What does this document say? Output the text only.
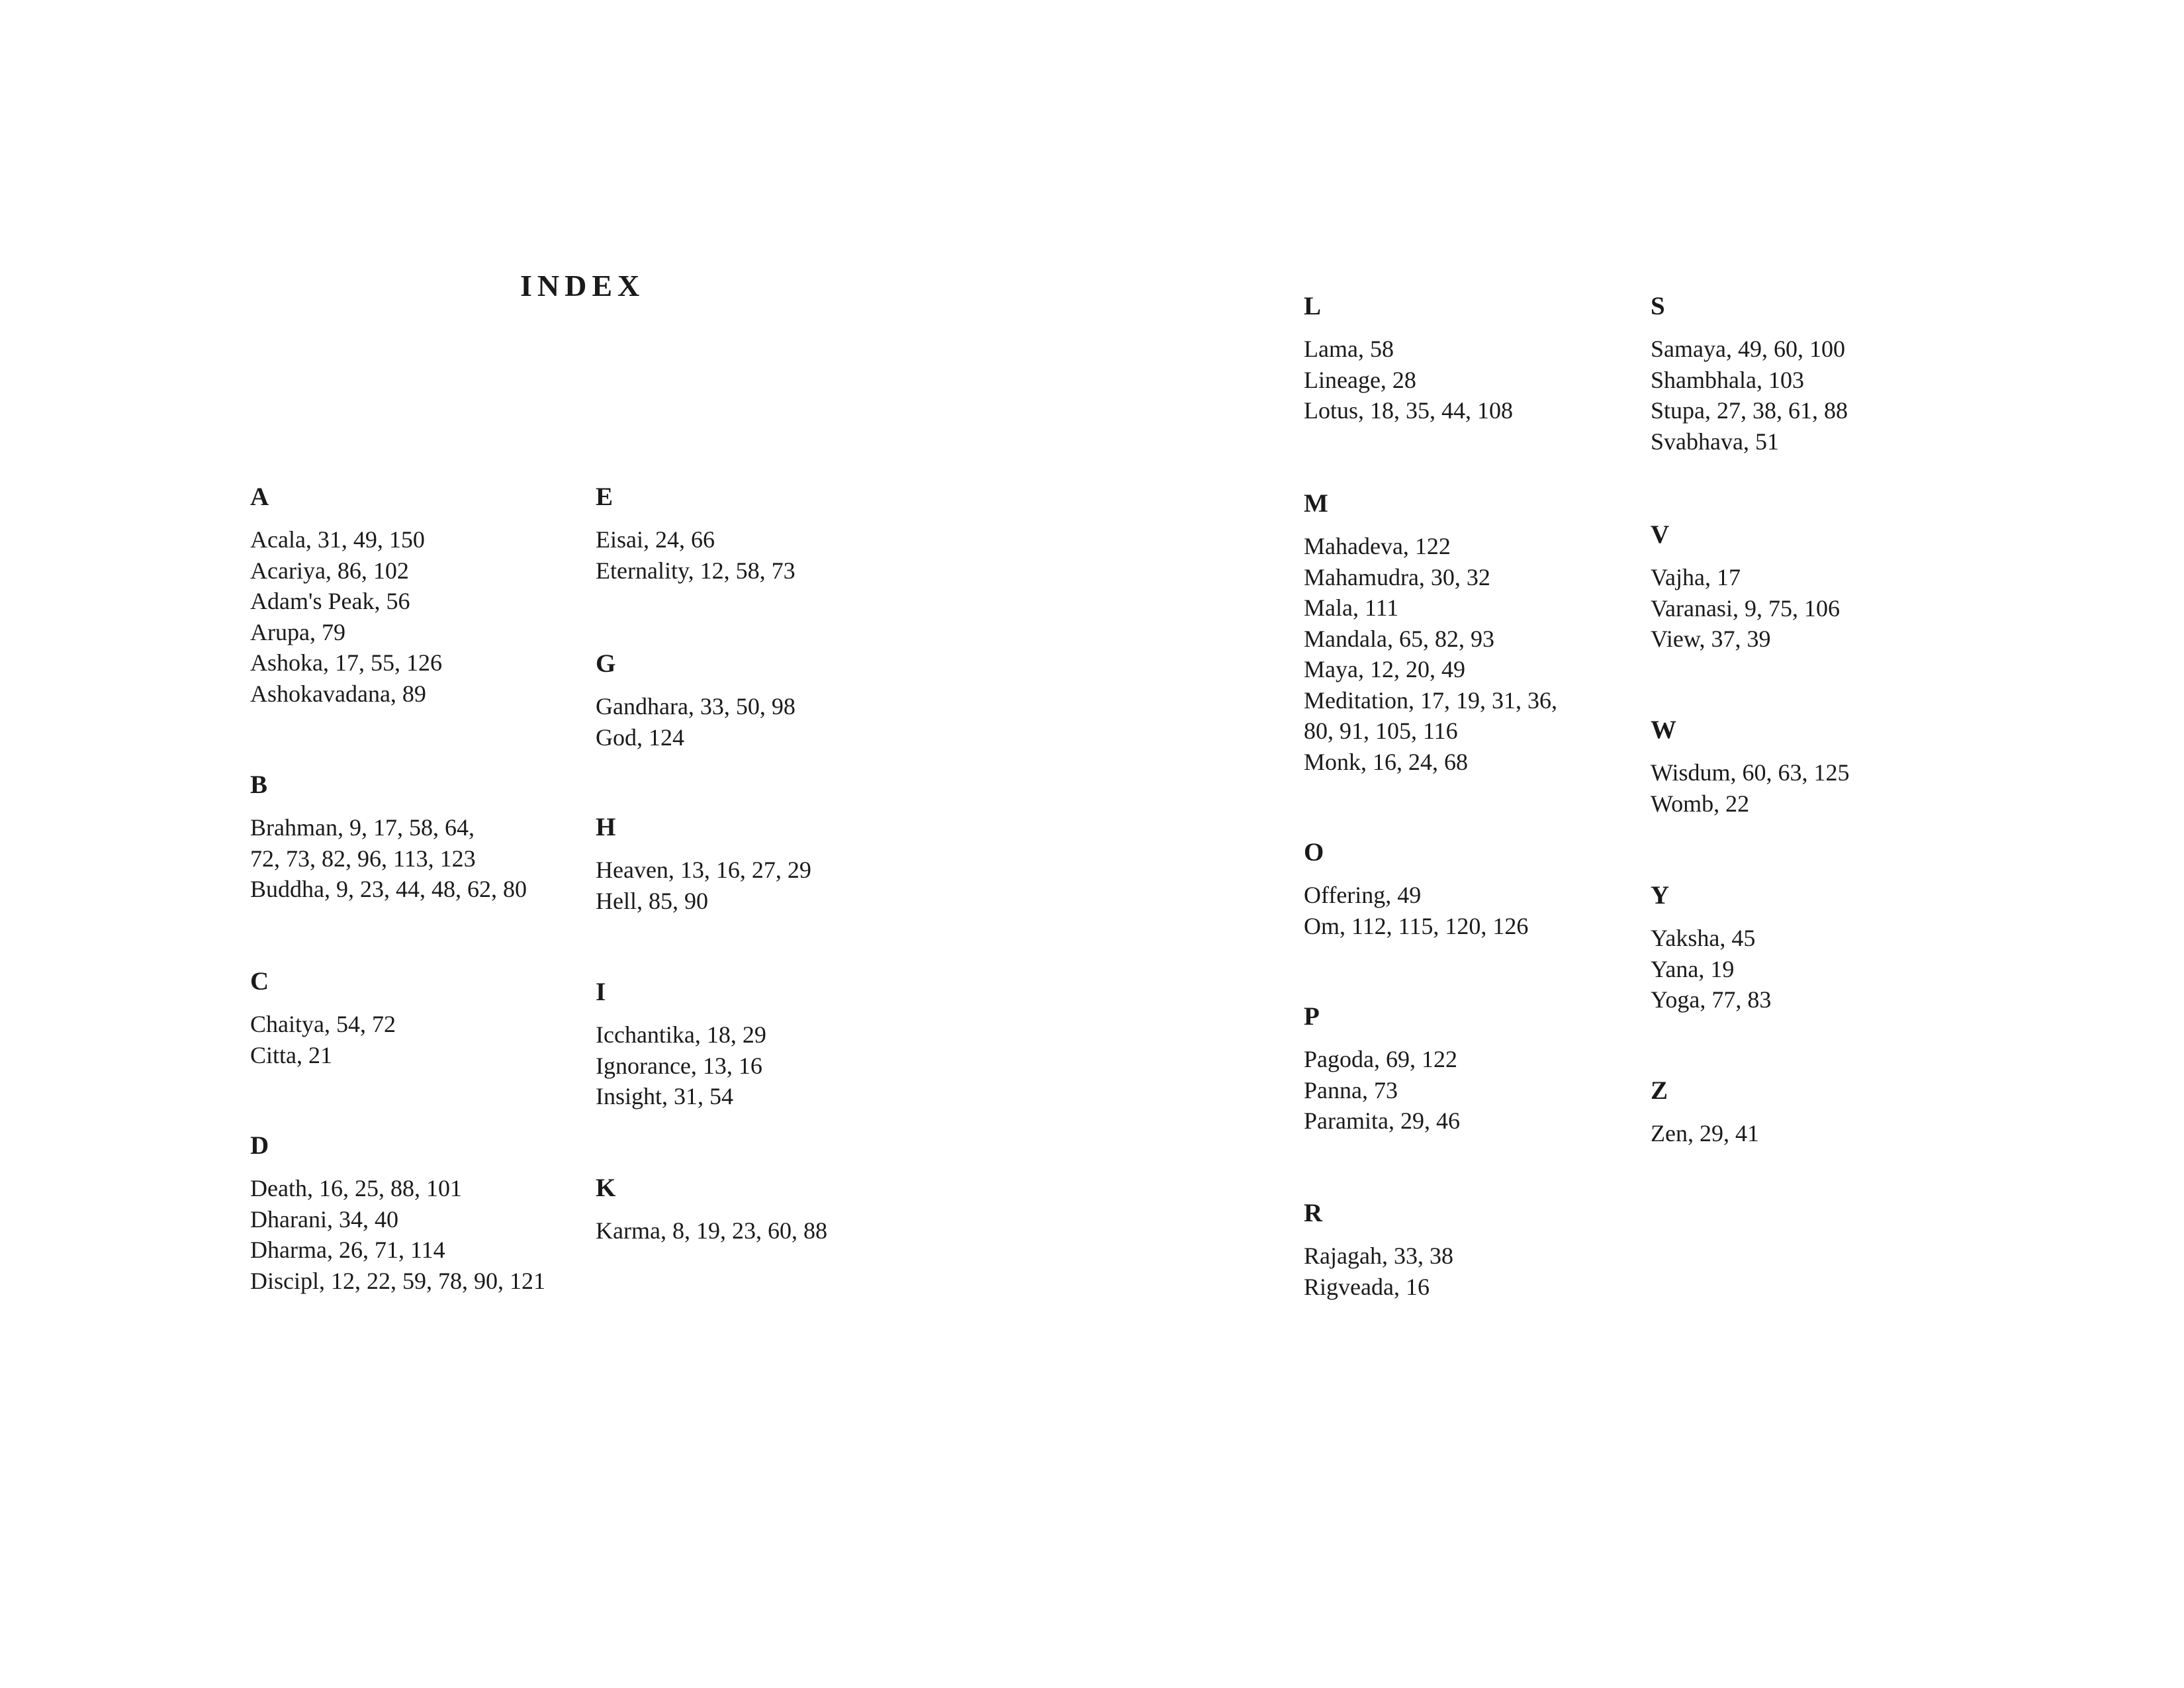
INDEX
A
Acala, 31, 49, 150
Acariya, 86, 102
Adam's Peak, 56
Arupa, 79
Ashoka, 17, 55, 126
Ashokavadana, 89
B
Brahman, 9, 17, 58, 64,
72, 73, 82, 96, 113, 123
Buddha, 9, 23, 44, 48, 62, 80
C
Chaitya, 54, 72
Citta, 21
D
Death, 16, 25, 88, 101
Dharani, 34, 40
Dharma, 26, 71, 114
Discipl, 12, 22, 59, 78, 90, 121
E
Eisai, 24, 66
Eternality, 12, 58, 73
G
Gandhara, 33, 50, 98
God, 124
H
Heaven, 13, 16, 27, 29
Hell, 85, 90
I
Icchantika, 18, 29
Ignorance, 13, 16
Insight, 31, 54
K
Karma, 8, 19, 23, 60, 88
L
Lama, 58
Lineage, 28
Lotus, 18, 35, 44, 108
M
Mahadeva, 122
Mahamudra, 30, 32
Mala, 111
Mandala, 65, 82, 93
Maya, 12, 20, 49
Meditation, 17, 19, 31, 36,
80, 91, 105, 116
Monk, 16, 24, 68
O
Offering, 49
Om, 112, 115, 120, 126
P
Pagoda, 69, 122
Panna, 73
Paramita, 29, 46
R
Rajagah, 33, 38
Rigveada, 16
S
Samaya, 49, 60, 100
Shambhala, 103
Stupa, 27, 38, 61, 88
Svabhava, 51
V
Vajha, 17
Varanasi, 9, 75, 106
View, 37, 39
W
Wisdum, 60, 63, 125
Womb, 22
Y
Yaksha, 45
Yana, 19
Yoga, 77, 83
Z
Zen, 29, 41
